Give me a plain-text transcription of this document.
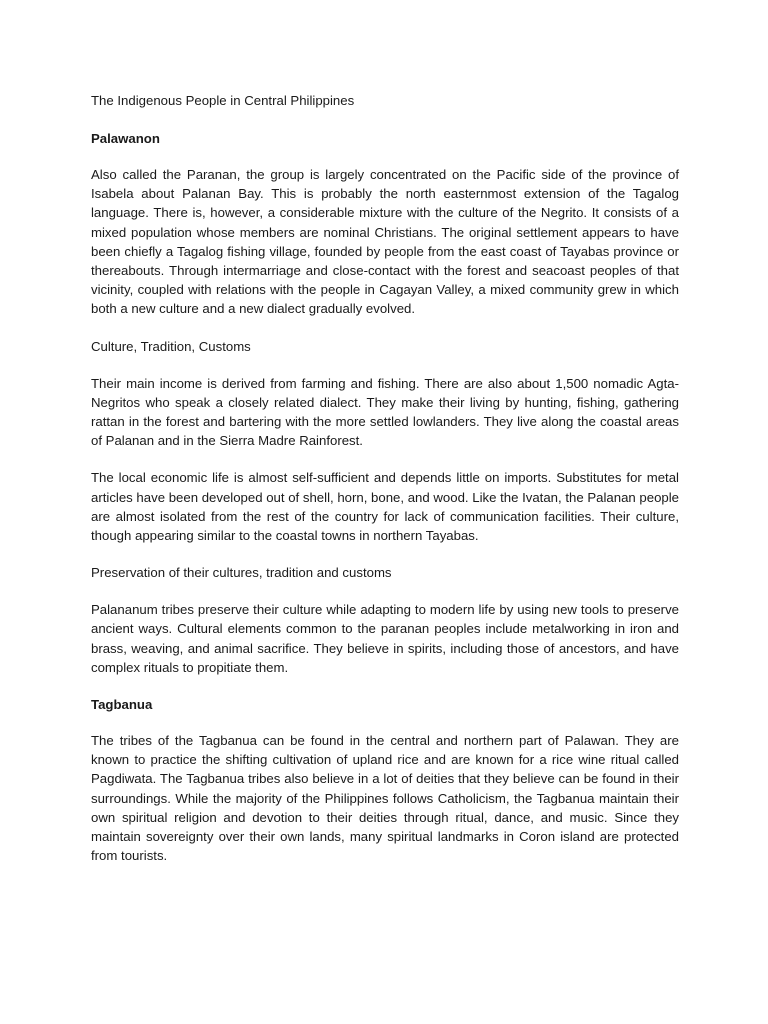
The Indigenous People in Central Philippines

Palawanon

Also called the Paranan, the group is largely concentrated on the Pacific side of the province of Isabela about Palanan Bay. This is probably the north easternmost extension of the Tagalog language. There is, however, a considerable mixture with the culture of the Negrito. It consists of a mixed population whose members are nominal Christians. The original settlement appears to have been chiefly a Tagalog fishing village, founded by people from the east coast of Tayabas province or thereabouts. Through intermarriage and close-contact with the forest and seacoast peoples of that vicinity, coupled with relations with the people in Cagayan Valley, a mixed community grew in which both a new culture and a new dialect gradually evolved.

Culture, Tradition, Customs

Their main income is derived from farming and fishing. There are also about 1,500 nomadic Agta- Negritos who speak a closely related dialect. They make their living by hunting, fishing, gathering rattan in the forest and bartering with the more settled lowlanders. They live along the coastal areas of Palanan and in the Sierra Madre Rainforest.

The local economic life is almost self-sufficient and depends little on imports. Substitutes for metal articles have been developed out of shell, horn, bone, and wood. Like the Ivatan, the Palanan people are almost isolated from the rest of the country for lack of communication facilities. Their culture, though appearing similar to the coastal towns in northern Tayabas.

Preservation of their cultures, tradition and customs

Palananum tribes preserve their culture while adapting to modern life by using new tools to preserve ancient ways. Cultural elements common to the paranan peoples include metalworking in iron and brass, weaving, and animal sacrifice. They believe in spirits, including those of ancestors, and have complex rituals to propitiate them.

Tagbanua

The tribes of the Tagbanua can be found in the central and northern part of Palawan. They are known to practice the shifting cultivation of upland rice and are known for a rice wine ritual called Pagdiwata. The Tagbanua tribes also believe in a lot of deities that they believe can be found in their surroundings. While the majority of the Philippines follows Catholicism, the Tagbanua maintain their own spiritual religion and devotion to their deities through ritual, dance, and music. Since they maintain sovereignty over their own lands, many spiritual landmarks in Coron island are protected from tourists.
